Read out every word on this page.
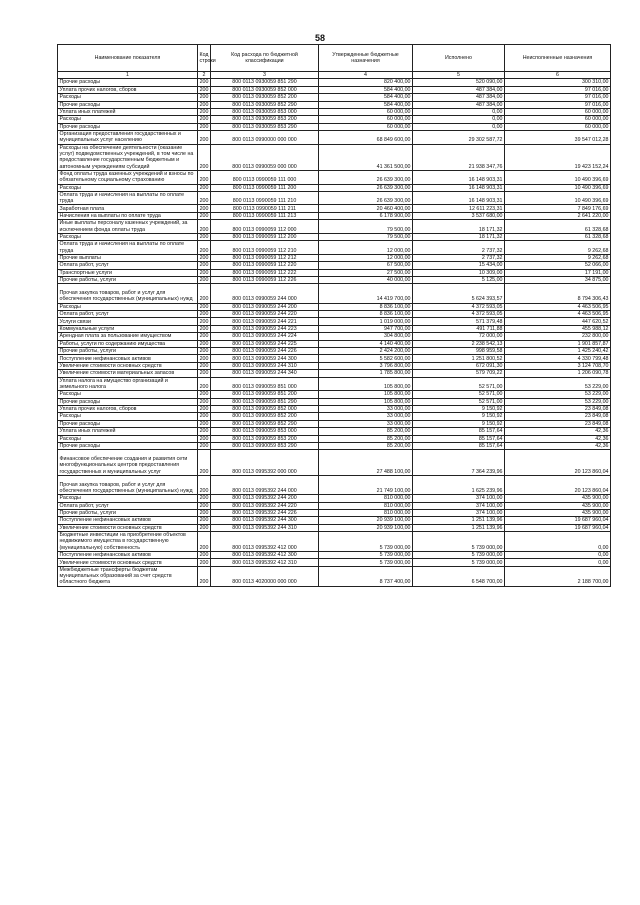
58
Наименование показателя	Код строки	Код расхода по бюджетной классификации	Утвержденные бюджетные назначения	Исполнено	Неисполненные назначения
1	2	3	4	5	6
Прочие расходы	200	800 0113 0930059 851 290	820 400,00	520 090,00	300 310,00
Уплата прочих налогов, сборов	200	800 0113 0930059 852 000	584 400,00	487 384,00	97 016,00
Расходы	200	800 0113 0930059 852 200	584 400,00	487 384,00	97 016,00
Прочие расходы	200	800 0113 0930059 852 290	584 400,00	487 384,00	97 016,00
Уплата иных платежей	200	800 0113 0930059 853 000	60 000,00	0,00	60 000,00
Расходы	200	800 0113 0930059 853 200	60 000,00	0,00	60 000,00
Прочие расходы	200	800 0113 0930059 853 290	60 000,00	0,00	60 000,00
Организация предоставления государственных и муниципальных услуг населению	200	800 0113 0990000 000 000	68 849 600,00	29 302 587,72	39 547 012,28
Расходы на обеспечение деятельности (оказание услуг) подведомственных учреждений, в том числе на предоставление государственным бюджетным и автономным учреждениям субсидий	200	800 0113 0990059 000 000	41 361 500,00	21 938 347,76	19 423 152,24
Фонд оплаты труда казенных учреждений и взносы по обязательному социальному страхованию	200	800 0113 0990059 111 000	26 639 300,00	16 148 903,31	10 490 396,69
Расходы	200	800 0113 0990059 111 200	26 639 300,00	16 148 903,31	10 490 396,69
Оплата труда и начисления на выплаты по оплате труда	200	800 0113 0990059 111 210	26 639 300,00	16 148 903,31	10 490 396,69
Заработная плата	200	800 0113 0990059 111 211	20 460 400,00	12 611 223,31	7 849 176,69
Начисления на выплаты по оплате труда	200	800 0113 0990059 111 213	6 178 900,00	3 537 680,00	2 641 220,00
Иные выплаты персоналу казенных учреждений, за исключением фонда оплаты труда	200	800 0113 0990059 112 000	79 500,00	18 171,32	61 328,68
Расходы	200	800 0113 0990059 112 200	79 500,00	18 171,32	61 328,68
Оплата труда и начисления на выплаты по оплате труда	200	800 0113 0990059 112 210	12 000,00	2 737,32	9 262,68
Прочие выплаты	200	800 0113 0990059 112 212	12 000,00	2 737,32	9 262,68
Оплата работ, услуг	200	800 0113 0990059 112 220	67 500,00	15 434,00	52 066,00
Транспортные услуги	200	800 0113 0990059 112 222	27 500,00	10 309,00	17 191,00
Прочие работы, услуги	200	800 0113 0990059 112 226	40 000,00	5 125,00	34 875,00
Прочая закупка товаров, работ и услуг для обеспечения государственных (муниципальных) нужд	200	800 0113 0990059 244 000	14 419 700,00	5 624 393,57	8 794 306,43
Расходы	200	800 0113 0990059 244 200	8 836 100,00	4 372 593,05	4 463 506,95
Оплата работ, услуг	200	800 0113 0990059 244 220	8 836 100,00	4 372 593,05	4 463 506,95
Услуги связи	200	800 0113 0990059 244 221	1 019 000,00	571 379,48	447 620,52
Коммунальные услуги	200	800 0113 0990059 244 223	947 700,00	491 711,88	455 988,12
Арендная плата за пользование имуществом	200	800 0113 0990059 244 224	304 800,00	72 000,00	232 800,00
Работы, услуги по содержанию имущества	200	800 0113 0990059 244 225	4 140 400,00	2 238 542,13	1 901 857,87
Прочие работы, услуги	200	800 0113 0990059 244 226	2 424 200,00	998 959,58	1 425 240,42
Поступление нефинансовых активов	200	800 0113 0990059 244 300	5 582 600,00	1 251 800,52	4 330 799,48
Увеличение стоимости основных средств	200	800 0113 0990059 244 310	3 796 800,00	672 091,30	3 124 708,70
Увеличение стоимости материальных запасов	200	800 0113 0990059 244 340	1 785 800,00	579 709,22	1 206 090,78
Уплата налога на имущество организаций и земельного налога	200	800 0113 0990059 851 000	105 800,00	52 571,00	53 229,00
Расходы	200	800 0113 0990059 851 200	105 800,00	52 571,00	53 229,00
Прочие расходы	200	800 0113 0990059 851 290	105 800,00	52 571,00	53 229,00
Уплата прочих налогов, сборов	200	800 0113 0990059 852 000	33 000,00	9 150,92	23 849,08
Расходы	200	800 0113 0990059 852 200	33 000,00	9 150,92	23 849,08
Прочие расходы	200	800 0113 0990059 852 290	33 000,00	9 150,92	23 849,08
Уплата иных платежей	200	800 0113 0990059 853 000	85 200,00	85 157,64	42,36
Расходы	200	800 0113 0990059 853 200	85 200,00	85 157,64	42,36
Прочие расходы	200	800 0113 0990059 853 290	85 200,00	85 157,64	42,36
Финансовое обеспечение создания и развития сети многофункциональных центров предоставления государственных и муниципальных услуг	200	800 0113 0995392 000 000	27 488 100,00	7 364 239,96	20 123 860,04
Прочая закупка товаров, работ и услуг для обеспечения государственных (муниципальных) нужд	200	800 0113 0995392 244 000	21 749 100,00	1 625 239,96	20 123 860,04
Расходы	200	800 0113 0995392 244 200	810 000,00	374 100,00	435 900,00
Оплата работ, услуг	200	800 0113 0995392 244 220	810 000,00	374 100,00	435 900,00
Прочие работы, услуги	200	800 0113 0995392 244 226	810 000,00	374 100,00	435 900,00
Поступление нефинансовых активов	200	800 0113 0995392 244 300	20 939 100,00	1 251 139,96	19 687 960,04
Увеличение стоимости основных средств	200	800 0113 0995392 244 310	20 939 100,00	1 251 139,96	19 687 960,04
Бюджетные инвестиции на приобретение объектов недвижимого имущества в государственную (муниципальную) собственность	200	800 0113 0995392 412 000	5 739 000,00	5 739 000,00	0,00
Поступление нефинансовых активов	200	800 0113 0995392 412 300	5 739 000,00	5 739 000,00	0,00
Увеличение стоимости основных средств	200	800 0113 0995392 412 310	5 739 000,00	5 739 000,00	0,00
Межбюджетные трансферты бюджетам муниципальных образований за счет средств областного бюджета	200	800 0113 4020000 000 000	8 737 400,00	6 548 700,00	2 188 700,00
